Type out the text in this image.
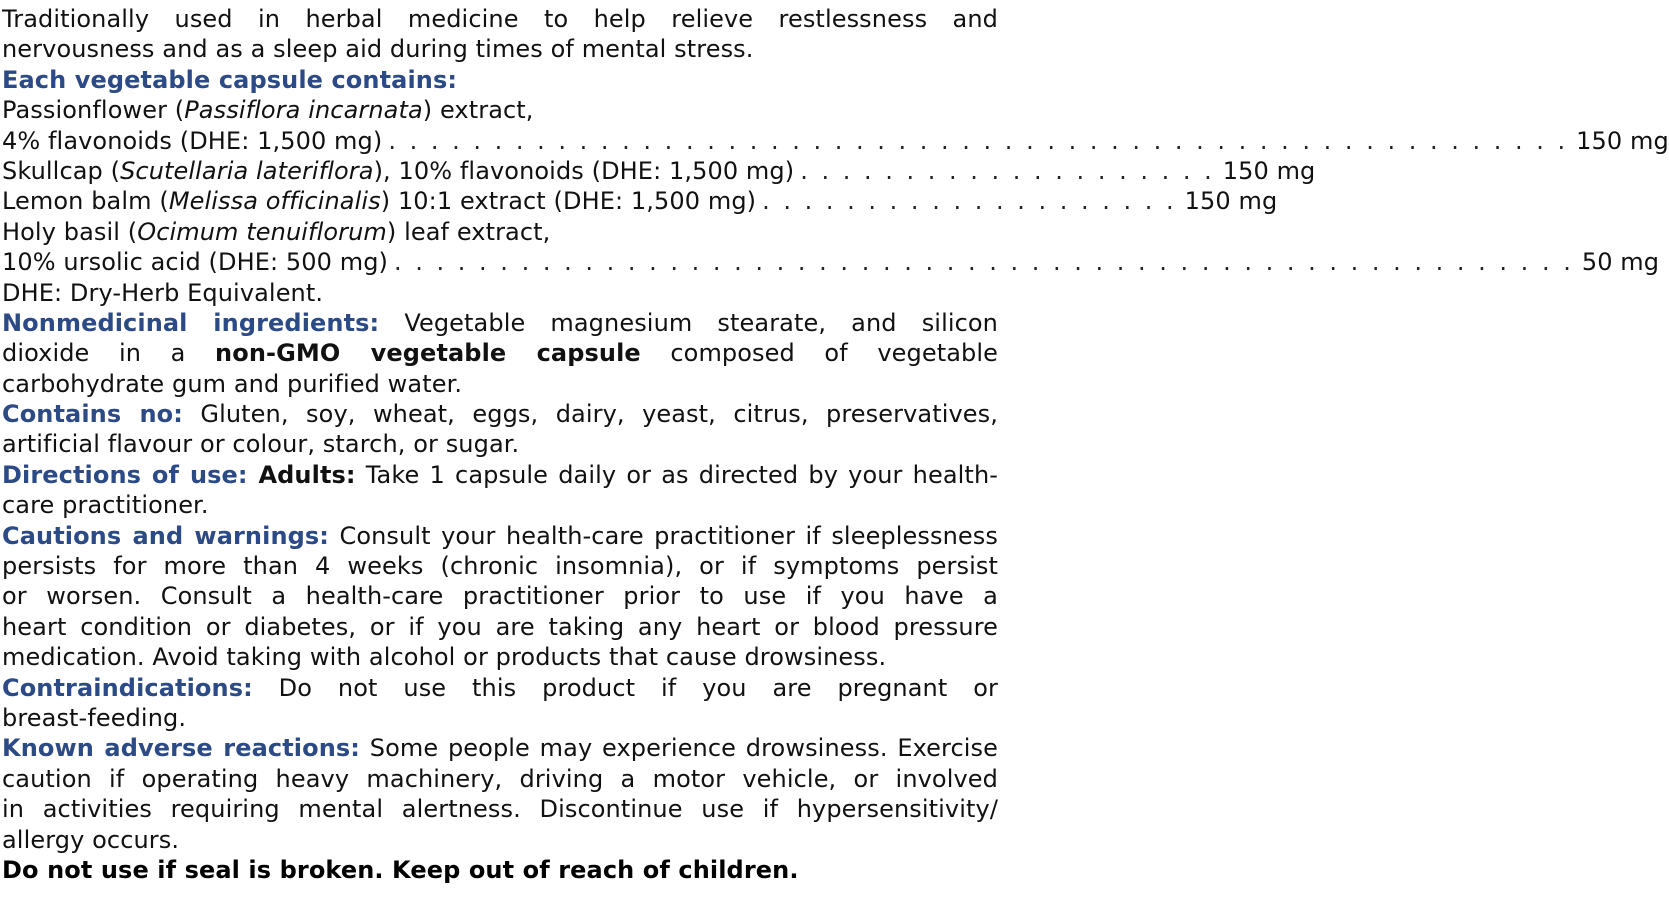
Traditionally used in herbal medicine to help relieve restlessness and
nervousness and as a sleep aid during times of mental stress.
Each vegetable capsule contains:
Passionflower (Passiflora incarnata) extract,
4% flavonoids (DHE: 1,500 mg) . . . . . . . . . . . . . . . . . . . . . . . . . . . . . . . . . . . . . . . . . . . . . . . . . . . . . . . . 150 mg
Skullcap (Scutellaria lateriflora), 10% flavonoids (DHE: 1,500 mg) . . . . . . . . . . . . . . . . . . . . 150 mg
Lemon balm (Melissa officinalis) 10:1 extract (DHE: 1,500 mg) . . . . . . . . . . . . . . . . . . . . 150 mg
Holy basil (Ocimum tenuiflorum) leaf extract,
10% ursolic acid (DHE: 500 mg) . . . . . . . . . . . . . . . . . . . . . . . . . . . . . . . . . . . . . . . . . . . . . . . . . . . . . . . . 50 mg
DHE: Dry-Herb Equivalent.
Nonmedicinal ingredients: Vegetable magnesium stearate, and silicon
dioxide in a non-GMO vegetable capsule composed of vegetable
carbohydrate gum and purified water.
Contains no: Gluten, soy, wheat, eggs, dairy, yeast, citrus, preservatives,
artificial flavour or colour, starch, or sugar.
Directions of use: Adults: Take 1 capsule daily or as directed by your health-
care practitioner.
Cautions and warnings: Consult your health-care practitioner if sleeplessness
persists for more than 4 weeks (chronic insomnia), or if symptoms persist
or worsen. Consult a health-care practitioner prior to use if you have a
heart condition or diabetes, or if you are taking any heart or blood pressure
medication. Avoid taking with alcohol or products that cause drowsiness.
Contraindications: Do not use this product if you are pregnant or
breast-feeding.
Known adverse reactions: Some people may experience drowsiness. Exercise
caution if operating heavy machinery, driving a motor vehicle, or involved
in activities requiring mental alertness. Discontinue use if hypersensitivity/
allergy occurs.
Do not use if seal is broken. Keep out of reach of children.
